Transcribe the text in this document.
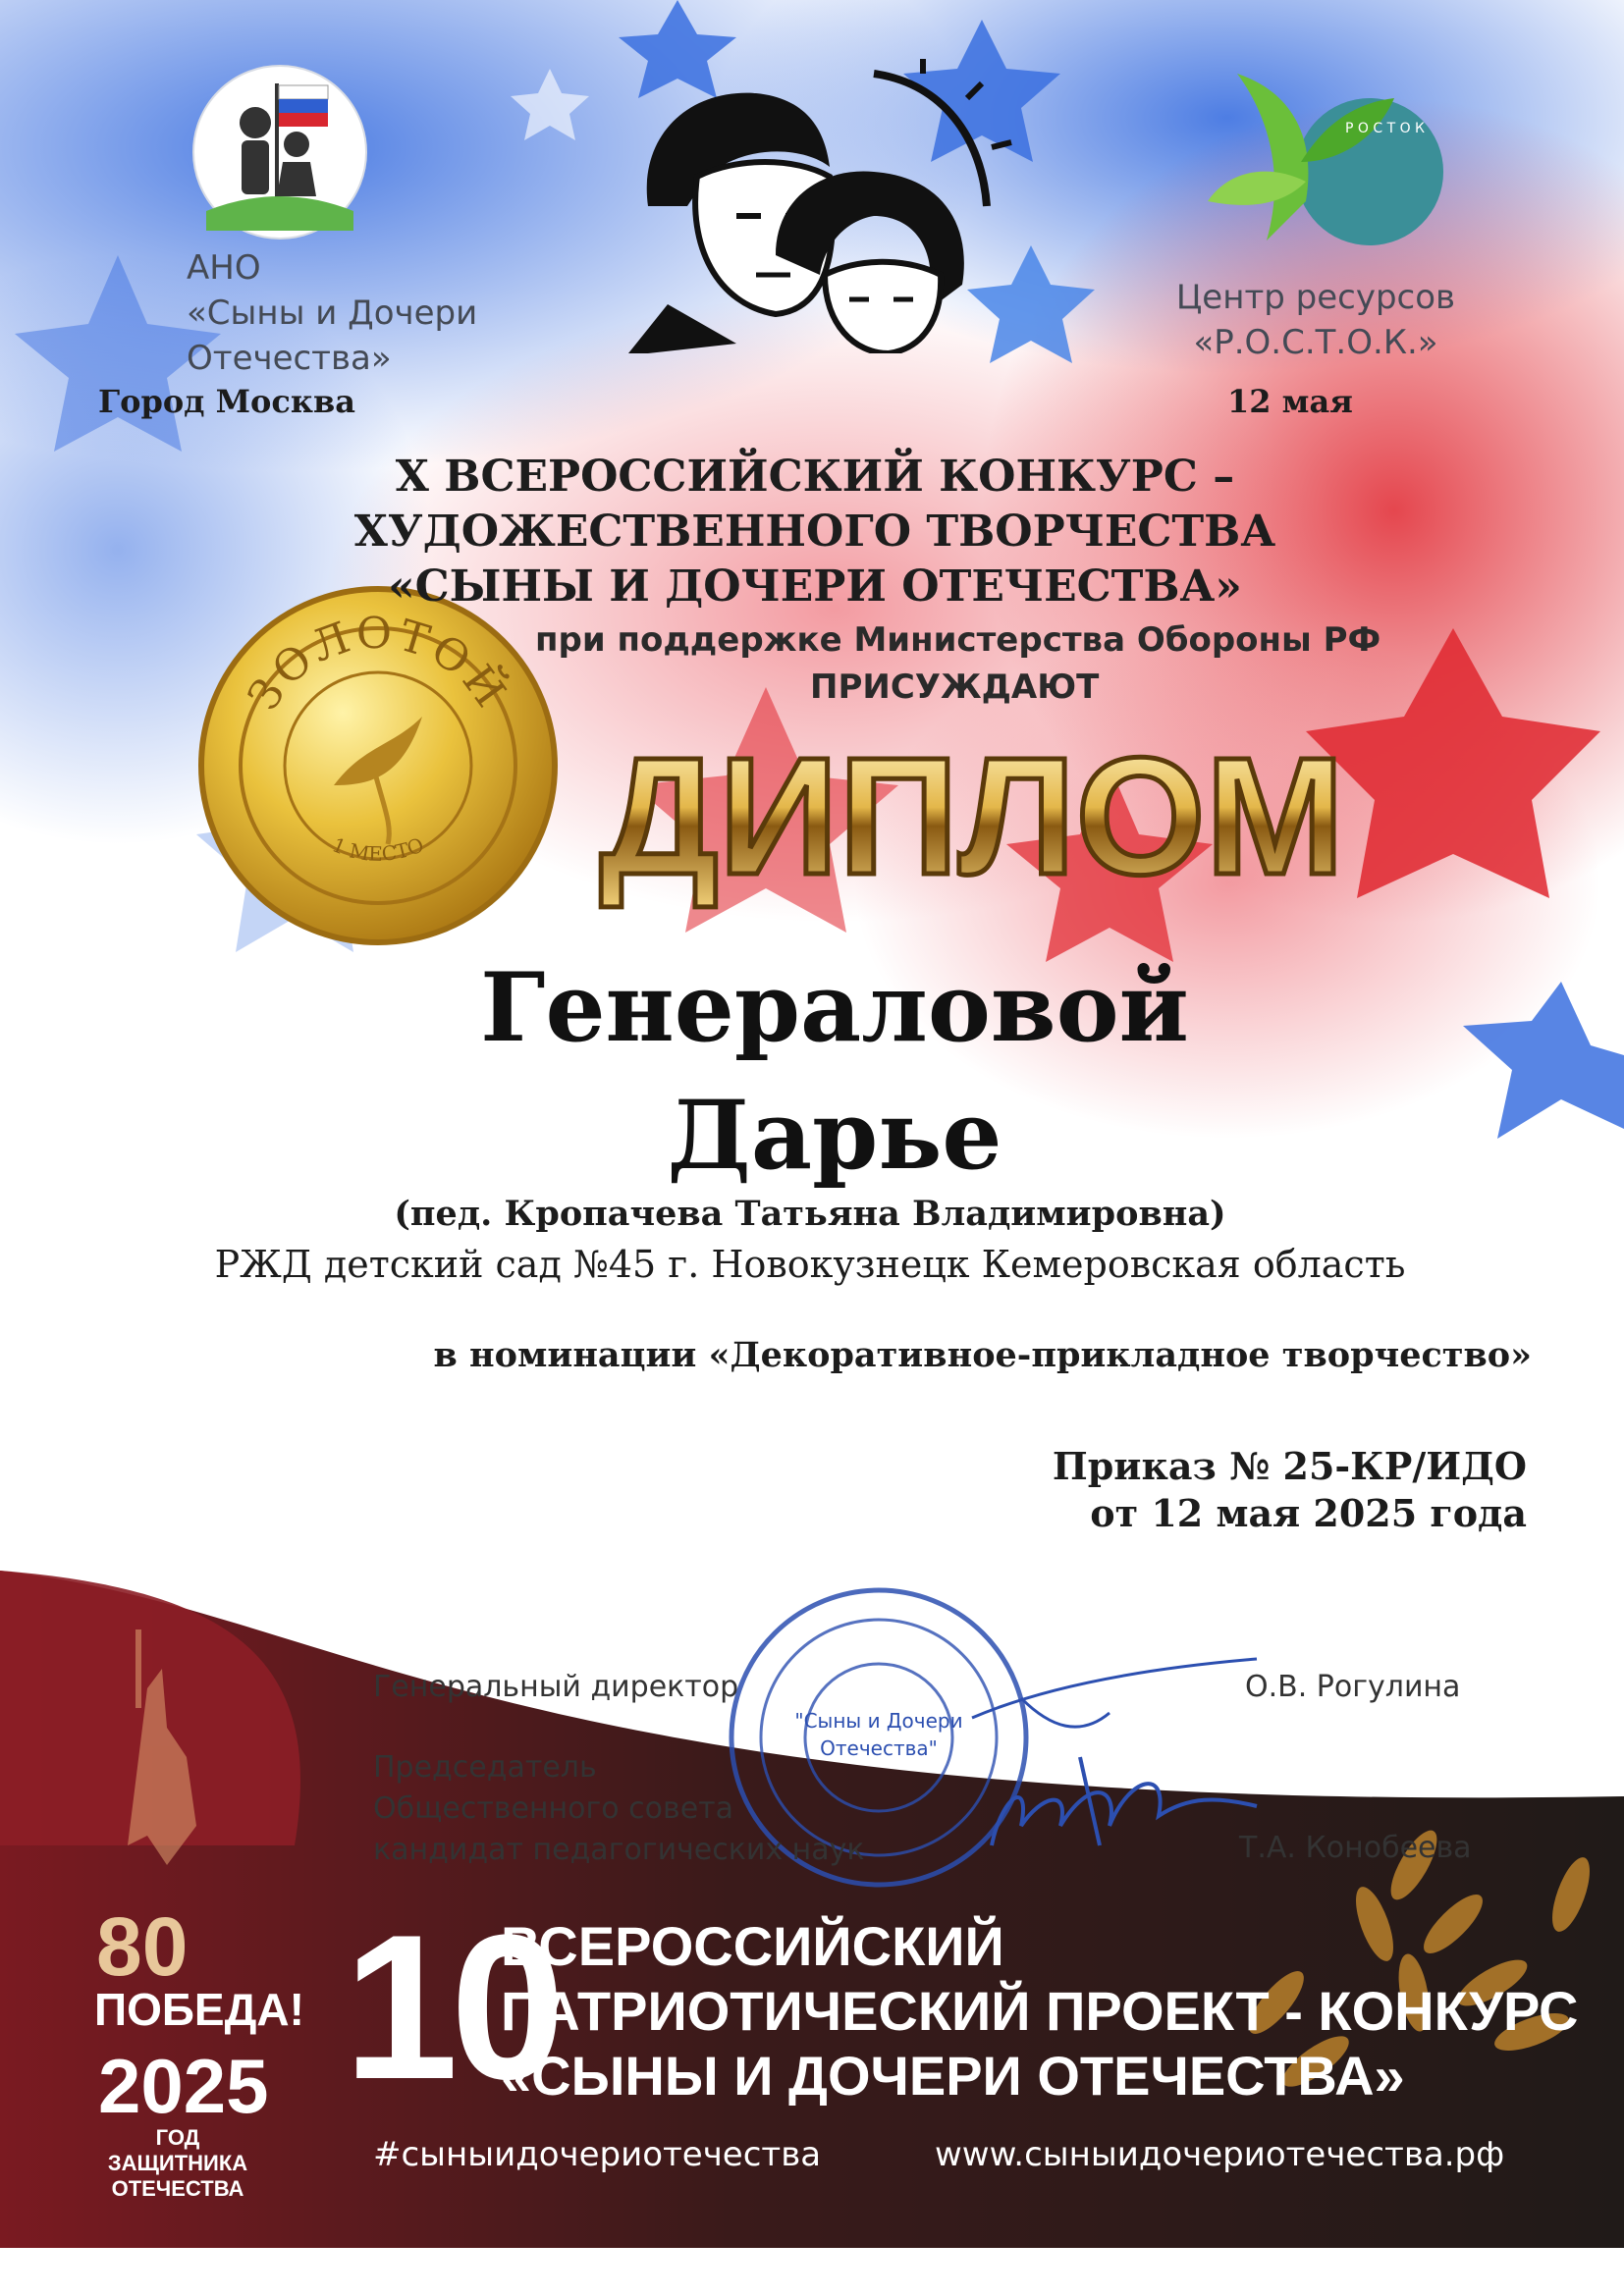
Р О С Т О К
АНО
«Сыны и Дочери
Отечества»
Город Москва
Центр ресурсов
«Р.О.С.Т.О.К.»
12 мая
X ВСЕРОССИЙСКИЙ КОНКУРС –
ХУДОЖЕСТВЕННОГО ТВОРЧЕСТВА
«СЫНЫ И ДОЧЕРИ ОТЕЧЕСТВА»
при поддержке Министерства Обороны РФ
ПРИСУЖДАЮТ
ЗОЛОТОЙ
1 МЕСТО ДИПЛОМ
Генераловой
Дарье
(пед. Кропачева Татьяна Владимировна)
РЖД детский сад №45 г. Новокузнецк Кемеровская область
в номинации «Декоративное-прикладное творчество»
Приказ № 25-КР/ИДО
от 12 мая 2025 года
"Сыны и Дочери
Отечества"
Генеральный директор	О.В. Рогулина
Председатель
Общественного совета
кандидат педагогических наук	Т.А. Конобеева
80
ПОБЕДА!
2025
ГОД ЗАЩИТНИКА ОТЕЧЕСТВА
10
ВСЕРОССИЙСКИЙ
ПАТРИОТИЧЕСКИЙ ПРОЕКТ - КОНКУРС
«СЫНЫ И ДОЧЕРИ ОТЕЧЕСТВА»
#сыныидочериотечества	www.сыныидочериотечества.рф
